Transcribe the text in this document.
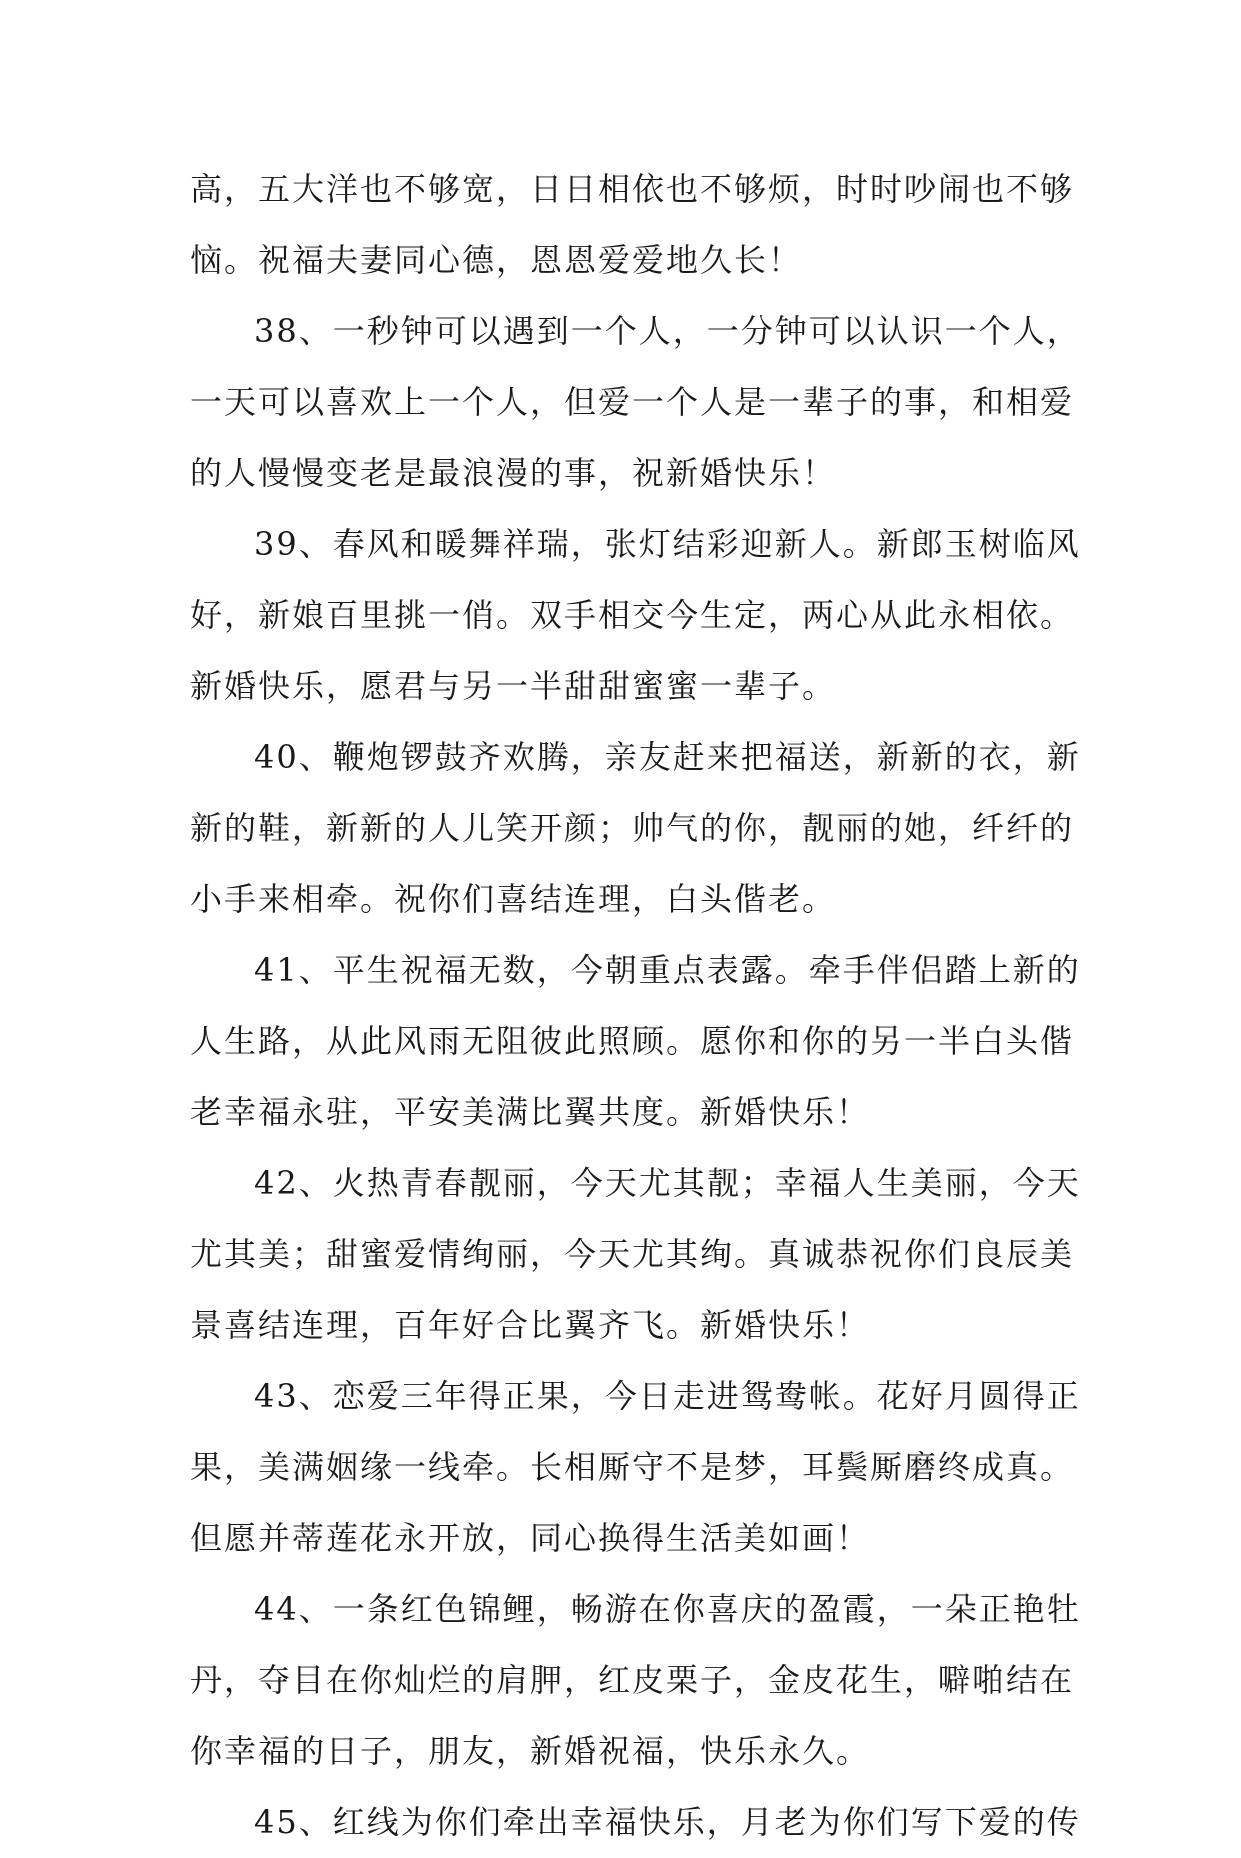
高，五大洋也不够宽，日日相依也不够烦，时时吵闹也不够
恼。祝福夫妻同心德，恩恩爱爱地久长！
38、一秒钟可以遇到一个人，一分钟可以认识一个人，
一天可以喜欢上一个人，但爱一个人是一辈子的事，和相爱
的人慢慢变老是最浪漫的事，祝新婚快乐！
39、春风和暖舞祥瑞，张灯结彩迎新人。新郎玉树临风
好，新娘百里挑一俏。双手相交今生定，两心从此永相依。
新婚快乐，愿君与另一半甜甜蜜蜜一辈子。
40、鞭炮锣鼓齐欢腾，亲友赶来把福送，新新的衣，新
新的鞋，新新的人儿笑开颜；帅气的你，靓丽的她，纤纤的
小手来相牵。祝你们喜结连理，白头偕老。
41、平生祝福无数，今朝重点表露。牵手伴侣踏上新的
人生路，从此风雨无阻彼此照顾。愿你和你的另一半白头偕
老幸福永驻，平安美满比翼共度。新婚快乐！
42、火热青春靓丽，今天尤其靓；幸福人生美丽，今天
尤其美；甜蜜爱情绚丽，今天尤其绚。真诚恭祝你们良辰美
景喜结连理，百年好合比翼齐飞。新婚快乐！
43、恋爱三年得正果，今日走进鸳鸯帐。花好月圆得正
果，美满姻缘一线牵。长相厮守不是梦，耳鬓厮磨终成真。
但愿并蒂莲花永开放，同心换得生活美如画！
44、一条红色锦鲤，畅游在你喜庆的盈霞，一朵正艳牡
丹，夺目在你灿烂的肩胛，红皮栗子，金皮花生，噼啪结在
你幸福的日子，朋友，新婚祝福，快乐永久。
45、红线为你们牵出幸福快乐，月老为你们写下爱的传
